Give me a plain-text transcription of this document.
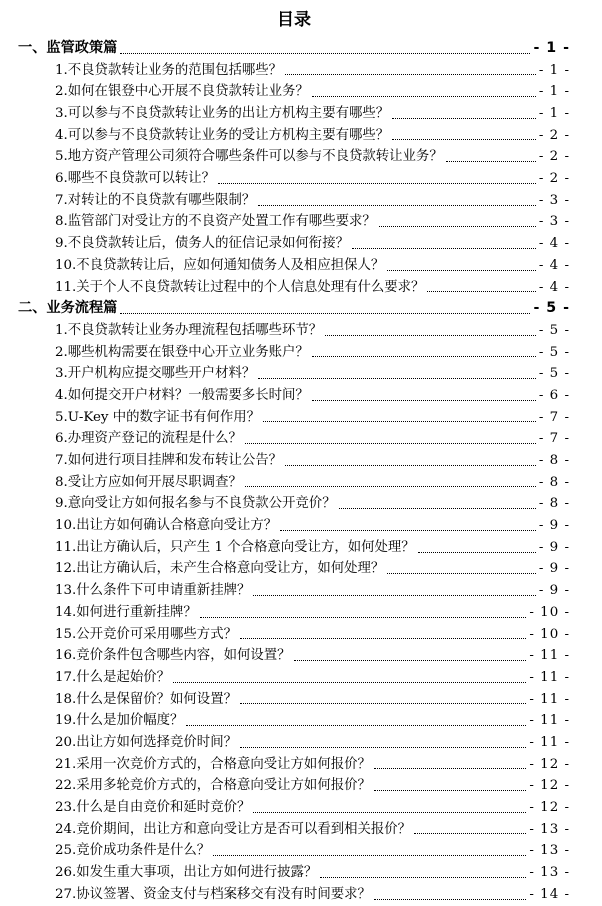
目录
一、监管政策篇	- 1 -
1.不良贷款转让业务的范围包括哪些？	- 1 -
2.如何在银登中心开展不良贷款转让业务？	- 1 -
3.可以参与不良贷款转让业务的出让方机构主要有哪些？	- 1 -
4.可以参与不良贷款转让业务的受让方机构主要有哪些？	- 2 -
5.地方资产管理公司须符合哪些条件可以参与不良贷款转让业务？	- 2 -
6.哪些不良贷款可以转让？	- 2 -
7.对转让的不良贷款有哪些限制？	- 3 -
8.监管部门对受让方的不良资产处置工作有哪些要求？	- 3 -
9.不良贷款转让后，债务人的征信记录如何衔接？	- 4 -
10.不良贷款转让后，应如何通知债务人及相应担保人？	- 4 -
11.关于个人不良贷款转让过程中的个人信息处理有什么要求？	- 4 -
二、业务流程篇	- 5 -
1.不良贷款转让业务办理流程包括哪些环节？	- 5 -
2.哪些机构需要在银登中心开立业务账户？	- 5 -
3.开户机构应提交哪些开户材料？	- 5 -
4.如何提交开户材料？一般需要多长时间？	- 6 -
5.U-Key 中的数字证书有何作用？	- 7 -
6.办理资产登记的流程是什么？	- 7 -
7.如何进行项目挂牌和发布转让公告？	- 8 -
8.受让方应如何开展尽职调查？	- 8 -
9.意向受让方如何报名参与不良贷款公开竞价？	- 8 -
10.出让方如何确认合格意向受让方？	- 9 -
11.出让方确认后，只产生 1 个合格意向受让方，如何处理？	- 9 -
12.出让方确认后，未产生合格意向受让方，如何处理？	- 9 -
13.什么条件下可申请重新挂牌？	- 9 -
14.如何进行重新挂牌？	- 10 -
15.公开竞价可采用哪些方式？	- 10 -
16.竞价条件包含哪些内容，如何设置？	- 11 -
17.什么是起始价？	- 11 -
18.什么是保留价？如何设置？	- 11 -
19.什么是加价幅度？	- 11 -
20.出让方如何选择竞价时间？	- 11 -
21.采用一次竞价方式的，合格意向受让方如何报价？	- 12 -
22.采用多轮竞价方式的，合格意向受让方如何报价？	- 12 -
23.什么是自由竞价和延时竞价？	- 12 -
24.竞价期间，出让方和意向受让方是否可以看到相关报价？	- 13 -
25.竞价成功条件是什么？	- 13 -
26.如发生重大事项，出让方如何进行披露？	- 13 -
27.协议签署、资金支付与档案移交有没有时间要求？	- 14 -
